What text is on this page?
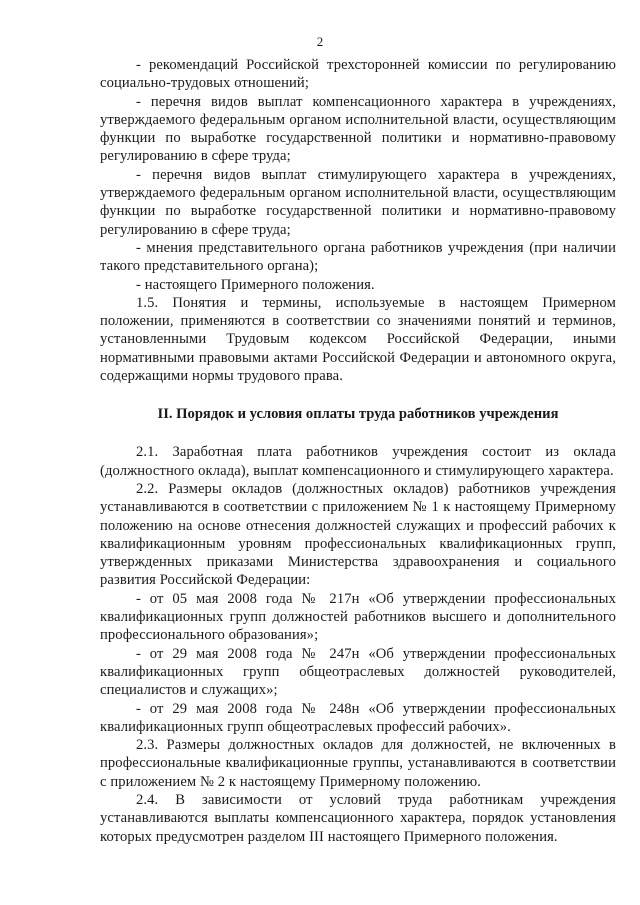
2

- рекомендаций Российской трехсторонней комиссии по регулированию социально-трудовых отношений;

- перечня видов выплат компенсационного характера в учреждениях, утверждаемого федеральным органом исполнительной власти, осуществляющим функции по выработке государственной политики и нормативно-правовому регулированию в сфере труда;

- перечня видов выплат стимулирующего характера в учреждениях, утверждаемого федеральным органом исполнительной власти, осуществляющим функции по выработке государственной политики и нормативно-правовому регулированию в сфере труда;

- мнения представительного органа работников учреждения (при наличии такого представительного органа);

- настоящего Примерного положения.

1.5. Понятия и термины, используемые в настоящем Примерном положении, применяются в соответствии со значениями понятий и терминов, установленными Трудовым кодексом Российской Федерации, иными нормативными правовыми актами Российской Федерации и автономного округа, содержащими нормы трудового права.

II. Порядок и условия оплаты труда работников учреждения

2.1. Заработная плата работников учреждения состоит из оклада (должностного оклада), выплат компенсационного и стимулирующего характера.

2.2. Размеры окладов (должностных окладов) работников учреждения устанавливаются в соответствии с приложением № 1 к настоящему Примерному положению на основе отнесения должностей служащих и профессий рабочих к квалификационным уровням профессиональных квалификационных групп, утвержденных приказами Министерства здравоохранения и социального развития Российской Федерации:

- от 05 мая 2008 года № 217н «Об утверждении профессиональных квалификационных групп должностей работников высшего и дополнительного профессионального образования»;

- от 29 мая 2008 года № 247н «Об утверждении профессиональных квалификационных групп общеотраслевых должностей руководителей, специалистов и служащих»;

- от 29 мая 2008 года № 248н «Об утверждении профессиональных квалификационных групп общеотраслевых профессий рабочих».

2.3. Размеры должностных окладов для должностей, не включенных в профессиональные квалификационные группы, устанавливаются в соответствии с приложением № 2 к настоящему Примерному положению.

2.4. В зависимости от условий труда работникам учреждения устанавливаются выплаты компенсационного характера, порядок установления которых предусмотрен разделом III настоящего Примерного положения.
